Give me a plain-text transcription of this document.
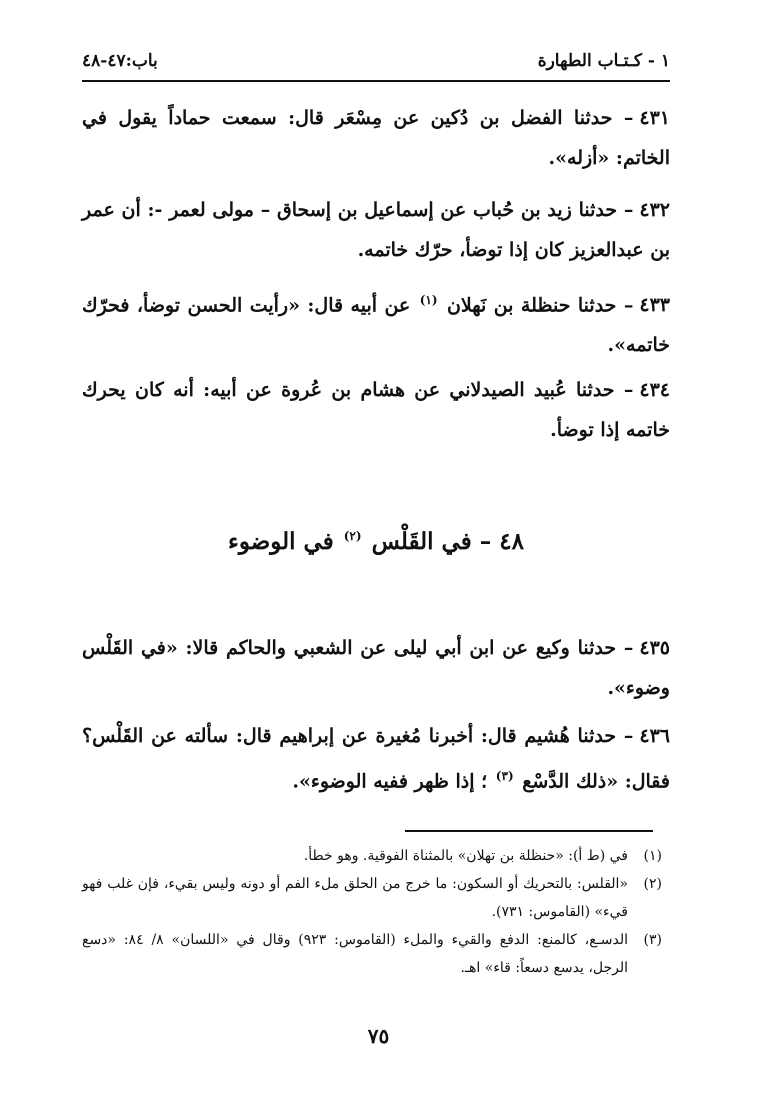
١ - كـتـاب الطهارة
باب:٤٧-٤٨

٤٣١– حدثنا الفضل بن دُكين عن مِسْعَر قال: سمعت حماداً يقول في الخاتم: «أزله».

٤٣٢– حدثنا زيد بن حُباب عن إسماعيل بن إسحاق – مولى لعمر -: أن عمر بن عبدالعزيز كان إذا توضأ، حرّك خاتمه.

٤٣٣– حدثنا حنظلة بن نَهلان $^{(١)}$ عن أبيه قال: «رأيت الحسن توضأ، فحرّك خاتمه».

٤٣٤– حدثنا عُبيد الصيدلاني عن هشام بن عُروة عن أبيه: أنه كان يحرك خاتمه إذا توضأ.

٤٨ – في القَلْس $^{(٢)}$ في الوضوء

٤٣٥– حدثنا وكيع عن ابن أبي ليلى عن الشعبي والحاكم قالا: «في القَلْس وضوء».

٤٣٦– حدثنا هُشيم قال: أخبرنا مُغيرة عن إبراهيم قال: سألته عن القَلْس؟ فقال: «ذلك الدَّسْع $^{(٣)}$ ؛ إذا ظهر ففيه الوضوء».

(١)
في (ط أ): «حنظلة بن تهلان» بالمثناة الفوقية. وهو خطأ.
(٢)
«القلس: بالتحريك أو السكون: ما خرج من الحلق ملء الفم أو دونه وليس بقيء، فإن غلب فهو قيء» (القاموس: ٧٣١).
(٣)
الدسـع، كالمنع: الدفع والقيء والملء (القاموس: ٩٢٣) وقال في «اللسان» ٨/ ٨٤: «دسع الرجل، يدسع دسعاً: قاء» اهـ.
٧٥
